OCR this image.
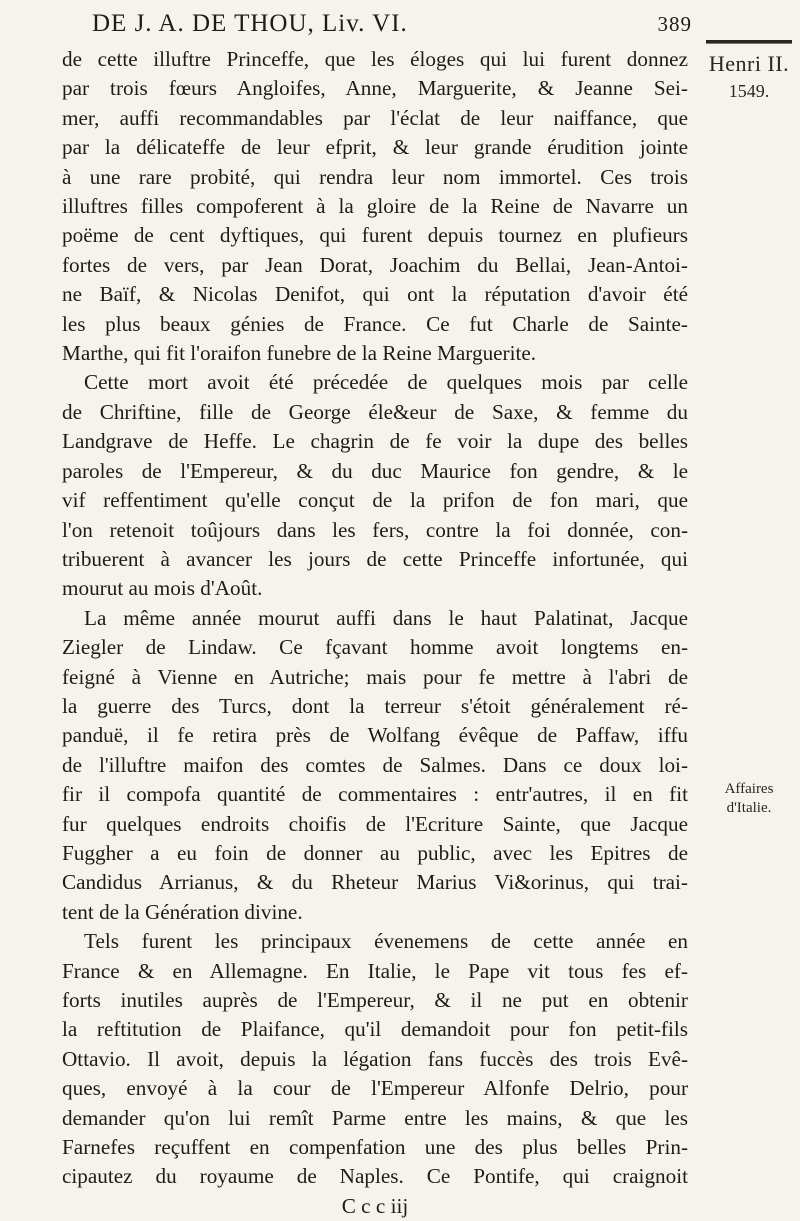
DE J. A. DE THOU, Liv. VI.	389
Henri II.
1549.
Affaires
d'Italie.
de cette illuftre Princeffe, que les éloges qui lui furent donnez
par trois fœurs Angloifes, Anne, Marguerite, & Jeanne Sei-
mer, auffi recommandables par l'éclat de leur naiffance, que
par la délicateffe de leur efprit, & leur grande érudition jointe
à une rare probité, qui rendra leur nom immortel. Ces trois
illuftres filles compoferent à la gloire de la Reine de Navarre un
poëme de cent dyftiques, qui furent depuis tournez en plufieurs
fortes de vers, par Jean Dorat, Joachim du Bellai, Jean-Antoi-
ne Baïf, & Nicolas Denifot, qui ont la réputation d'avoir été
les plus beaux génies de France. Ce fut Charle de Sainte-
Marthe, qui fit l'oraifon funebre de la Reine Marguerite.
Cette mort avoit été précedée de quelques mois par celle
de Chriftine, fille de George éle&eur de Saxe, & femme du
Landgrave de Heffe. Le chagrin de fe voir la dupe des belles
paroles de l'Empereur, & du duc Maurice fon gendre, & le
vif reffentiment qu'elle conçut de la prifon de fon mari, que
l'on retenoit toûjours dans les fers, contre la foi donnée, con-
tribuerent à avancer les jours de cette Princeffe infortunée, qui
mourut au mois d'Août.
La même année mourut auffi dans le haut Palatinat, Jacque
Ziegler de Lindaw. Ce fçavant homme avoit longtems en-
feigné à Vienne en Autriche; mais pour fe mettre à l'abri de
la guerre des Turcs, dont la terreur s'étoit généralement ré-
panduë, il fe retira près de Wolfang évêque de Paffaw, iffu
de l'illuftre maifon des comtes de Salmes. Dans ce doux loi-
fir il compofa quantité de commentaires : entr'autres, il en fit
fur quelques endroits choifis de l'Ecriture Sainte, que Jacque
Fuggher a eu foin de donner au public, avec les Epitres de
Candidus Arrianus, & du Rheteur Marius Vi&orinus, qui trai-
tent de la Génération divine.
Tels furent les principaux évenemens de cette année en
France & en Allemagne. En Italie, le Pape vit tous fes ef-
forts inutiles auprès de l'Empereur, & il ne put en obtenir
la reftitution de Plaifance, qu'il demandoit pour fon petit-fils
Ottavio. Il avoit, depuis la légation fans fuccès des trois Evê-
ques, envoyé à la cour de l'Empereur Alfonfe Delrio, pour
demander qu'on lui remît Parme entre les mains, & que les
Farnefes reçuffent en compenfation une des plus belles Prin-
cipautez du royaume de Naples. Ce Pontife, qui craignoit
C c c iij
